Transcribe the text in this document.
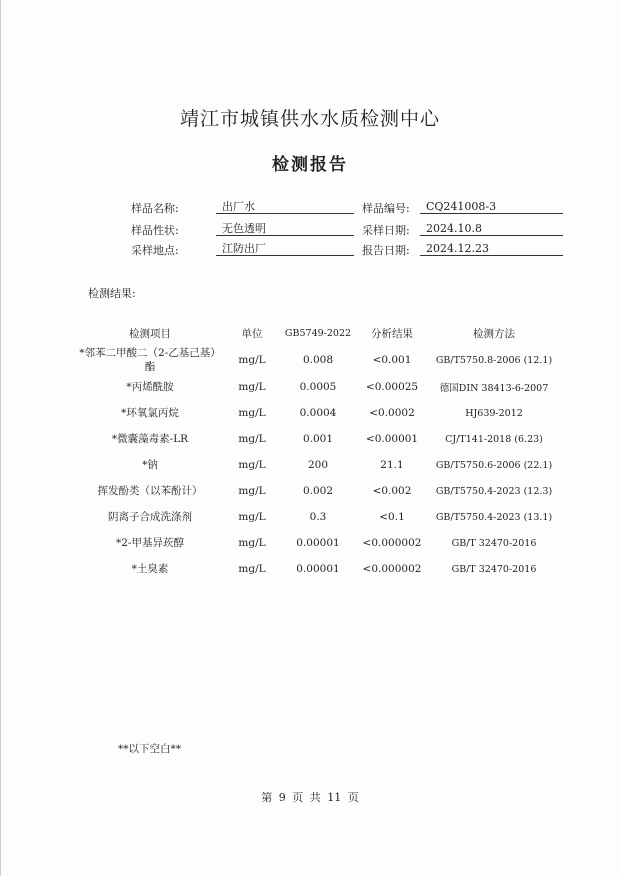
靖江市城镇供水水质检测中心
检测报告
样品名称:	出厂水	样品编号:	CQ241008-3
样品性状:	无色透明	采样日期:	2024.10.8
采样地点:	江防出厂	报告日期:	2024.12.23
检测结果:
检测项目	单位	GB5749-2022	分析结果	检测方法
*邻苯二甲酸二（2-乙基己基）酯	mg/L	0.008	<0.001	GB/T5750.8-2006 (12.1)
*丙烯酰胺	mg/L	0.0005	<0.00025	德国DIN 38413-6-2007
*环氧氯丙烷	mg/L	0.0004	<0.0002	HJ639-2012
*微囊藻毒素-LR	mg/L	0.001	<0.00001	CJ/T141-2018 (6.23)
*钠	mg/L	200	21.1	GB/T5750.6-2006 (22.1)
挥发酚类（以苯酚计）	mg/L	0.002	<0.002	GB/T5750.4-2023 (12.3)
阴离子合成洗涤剂	mg/L	0.3	<0.1	GB/T5750.4-2023 (13.1)
*2-甲基异莰醇	mg/L	0.00001	<0.000002	GB/T 32470-2016
*土臭素	mg/L	0.00001	<0.000002	GB/T 32470-2016
**以下空白**
第 9 页 共 11 页
